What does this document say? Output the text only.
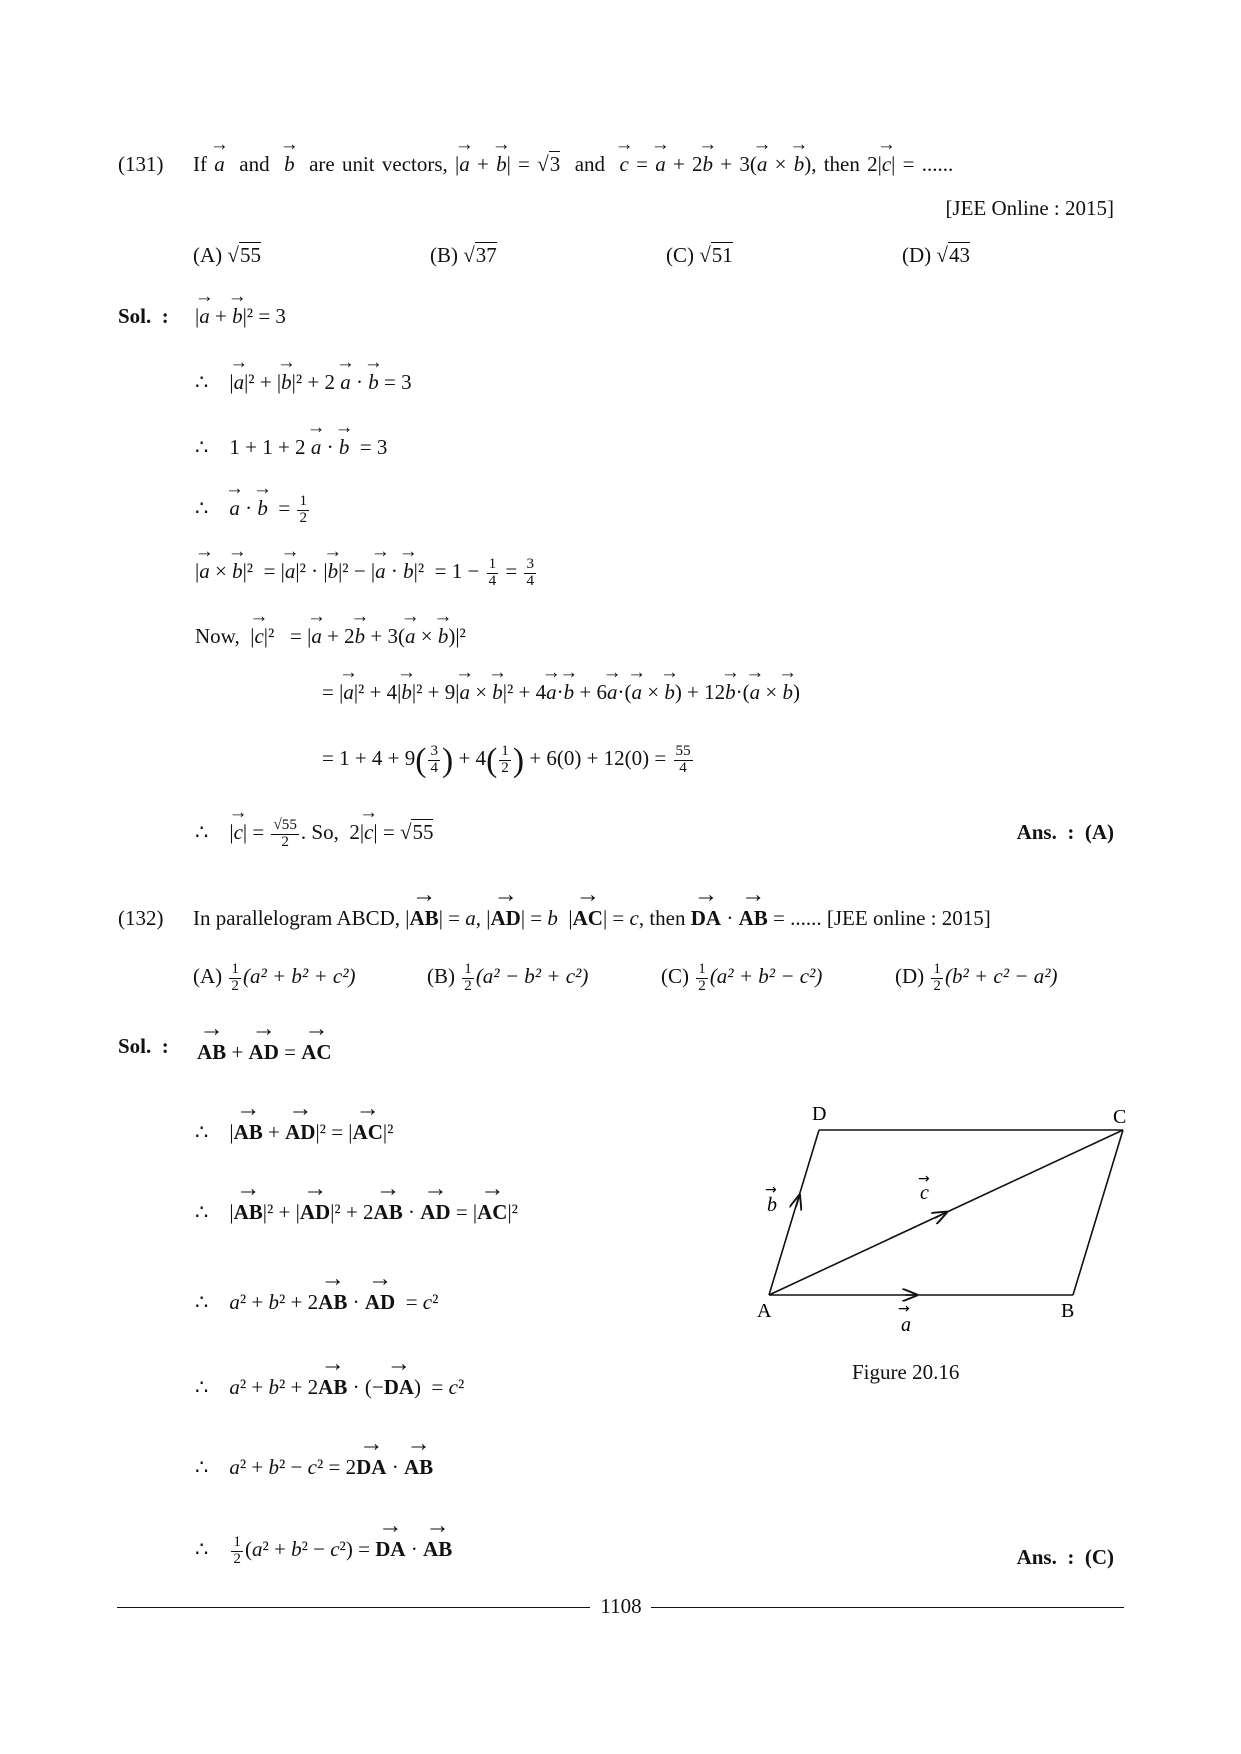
(131) If → a and → b are unit vectors, |→ a + → b| = √3 and → c = → a + 2→ b + 3(→ a × → b), then 2|→ c| = ......
[JEE Online : 2015]
(A) √55	(B) √37	(C) √51	(D) √43
Sol. : |→ a + → b|² = 3
∴    |→ a|² + |→ b|² + 2 → a · → b = 3
∴    1 + 1 + 2 → a · → b  = 3
∴ → a · → $b = \frac{1}{2}$
|→ a × → b|²  = |→ a|² · |→ b|² − |→ a · → $b|^2 = 1 - \frac{1}{4} = \frac{3}{4}$
Now,  |→ c|²   = |→ a + 2→ b + 3(→ a × → b)|²
= |→ a|² + 4|→ b|² + 9|→ a × → b|² + 4→ a·→ b + 6→ a·(→ a × → b) + 12→ b·(→ a × → b)
= $1 + 4 + 9( \frac{3}{4}$ ) + $4( \frac{1}{2}$ ) + $6(0) + 12(0) = \frac{55}{4}$
∴    |→ $c| = \frac{√55}{2}$ . So,  2|→ c| = √55	Ans. : (A)
(132) In parallelogram ABCD, |→ AB| = a, |→ AD| = b  |→ AC| = c, then → DA · → AB = ...... [JEE online : 2015]
$(A) \frac{1}{2} (a^2 + b^2 + c^2)$	$(B) \frac{1}{2} (a^2 - b^2 + c^2)$	$(C) \frac{1}{2} (a^2 + b^2 - c^2)$	$(D) \frac{1}{2} (b^2 + c^2 - a^2)$
Sol. : → AB + → AD = → AC
∴    |→ AB + → AD|² = |→ AC|²
∴    |→ AB|² + |→ AD|² + 2→ AB · → AD = |→ AC|²
∴ a² + b² + 2→ AB · → AD  = c²
∴ a² + b² + 2→ AB · (−→ DA)  = c²
∴ a² + b² − c² = 2→ DA · → AB
∴ $\frac{1}{2} (a^2 + b^2 - c^2)$ = → DA · → AB	Ans. : (C)
A	B
C
D
a
→
b
→	c
→
Figure 20.16
1108
